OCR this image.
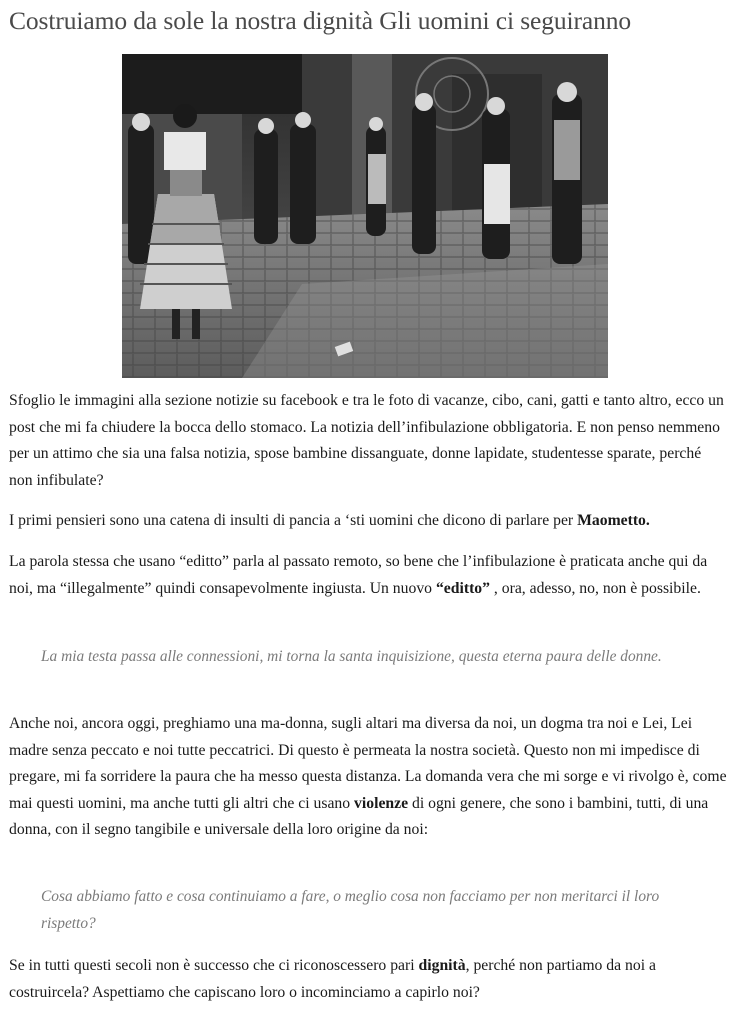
Costruiamo da sole la nostra dignità Gli uomini ci seguiranno

Sfoglio le immagini alla sezione notizie su facebook e tra le foto di vacanze, cibo, cani, gatti e tanto altro, ecco un post che mi fa chiudere la bocca dello stomaco. La notizia dell’infibulazione obbligatoria. E non penso nemmeno per un attimo che sia una falsa notizia, spose bambine dissanguate, donne lapidate, studentesse sparate, perché non infibulate?

I primi pensieri sono una catena di insulti di pancia a ‘sti uomini che dicono di parlare per Maometto.

La parola stessa che usano “editto” parla al passato remoto, so bene che l’infibulazione è praticata anche qui da noi, ma “illegalmente” quindi consapevolmente ingiusta. Un nuovo “editto” , ora, adesso, no, non è possibile.

La mia testa passa alle connessioni, mi torna la santa inquisizione, questa eterna paura delle donne.

Anche noi, ancora oggi, preghiamo una ma-donna, sugli altari ma diversa da noi, un dogma tra noi e Lei, Lei madre senza peccato e noi tutte peccatrici. Di questo è permeata la nostra società. Questo non mi impedisce di pregare, mi fa sorridere la paura che ha messo questa distanza. La domanda vera che mi sorge e vi rivolgo è, come mai questi uomini, ma anche tutti gli altri che ci usano violenze di ogni genere, che sono i bambini, tutti, di una donna, con il segno tangibile e universale della loro origine da noi:

Cosa abbiamo fatto e cosa continuiamo a fare, o meglio cosa non facciamo per non meritarci il loro rispetto?

Se in tutti questi secoli non è successo che ci riconoscessero pari dignità, perché non partiamo da noi a costruircela? Aspettiamo che capiscano loro o incominciamo a capirlo noi?
